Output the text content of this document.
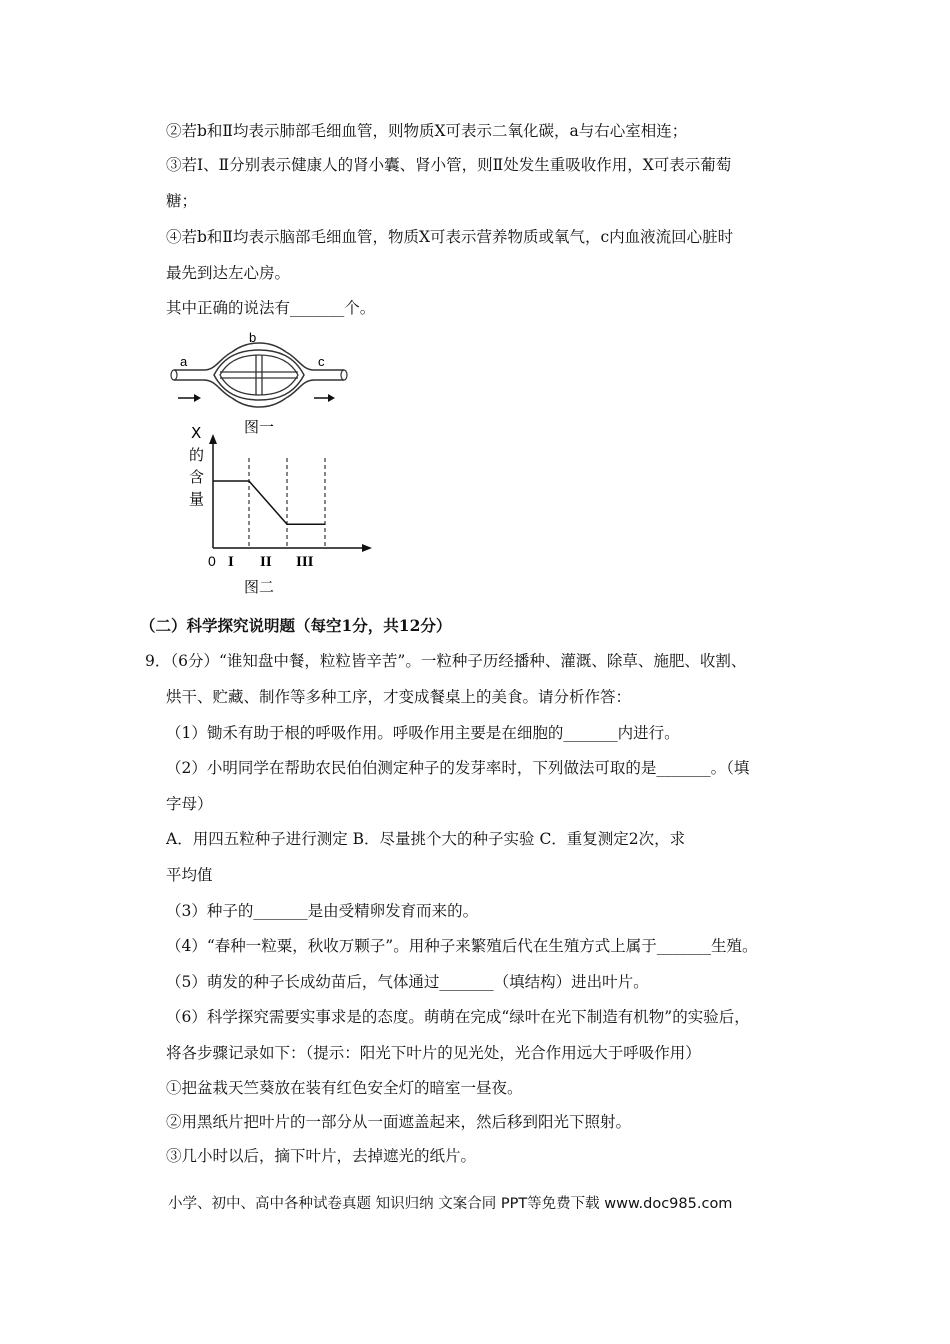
②若b和Ⅱ均表示肺部毛细血管，则物质X可表示二氧化碳，a与右心室相连；
③若Ⅰ、Ⅱ分别表示健康人的肾小囊、肾小管，则Ⅱ处发生重吸收作用，X可表示葡萄
糖；
④若b和Ⅱ均表示脑部毛细血管，物质X可表示营养物质或氧气，c内血液流回心脏时
最先到达左心房。
其中正确的说法有_______个。
a
b
c
图一
X
的
含
量
0 I II III
图二
（二）科学探究说明题（每空1分，共12分）
9．（6分）“谁知盘中餐，粒粒皆辛苦”。一粒种子历经播种、灌溉、除草、施肥、收割、
烘干、贮藏、制作等多种工序，才变成餐桌上的美食。请分析作答：
（1）锄禾有助于根的呼吸作用。呼吸作用主要是在细胞的_______内进行。
（2）小明同学在帮助农民伯伯测定种子的发芽率时，下列做法可取的是_______。（填
字母）
A．用四五粒种子进行测定 B．尽量挑个大的种子实验 C．重复测定2次，求
平均值
（3）种子的_______是由受精卵发育而来的。
（4）“春种一粒粟，秋收万颗子”。用种子来繁殖后代在生殖方式上属于_______生殖。
（5）萌发的种子长成幼苗后，气体通过_______（填结构）进出叶片。
（6）科学探究需要实事求是的态度。萌萌在完成“绿叶在光下制造有机物”的实验后，
将各步骤记录如下：（提示：阳光下叶片的见光处，光合作用远大于呼吸作用）
①把盆栽天竺葵放在装有红色安全灯的暗室一昼夜。
②用黑纸片把叶片的一部分从一面遮盖起来，然后移到阳光下照射。
③几小时以后，摘下叶片，去掉遮光的纸片。
小学、初中、高中各种试卷真题 知识归纳 文案合同 PPT等免费下载 www.doc985.com
